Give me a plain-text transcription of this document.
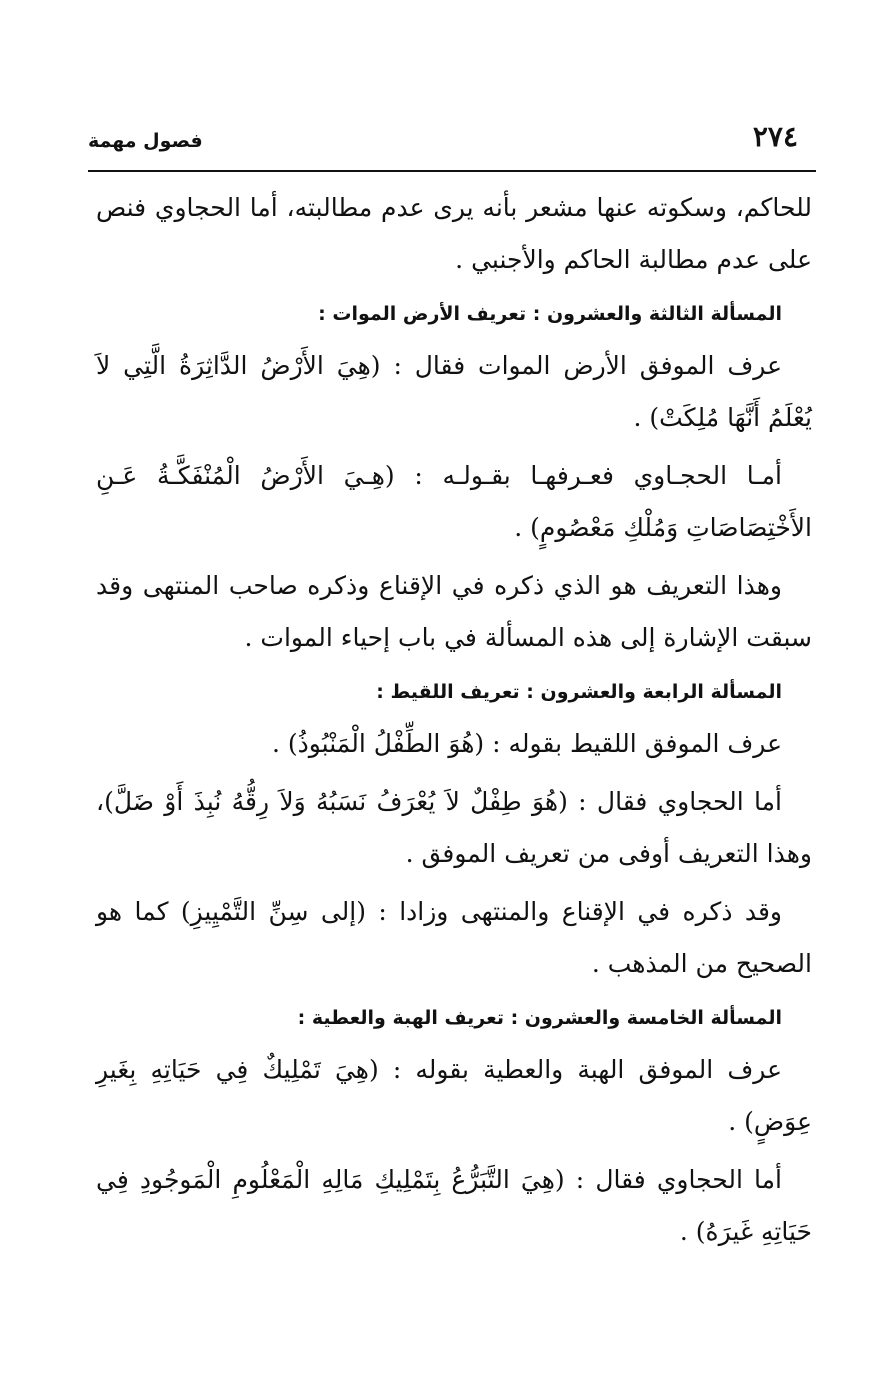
٢٧٤
فصول مهمة

للحاكم، وسكوته عنها مشعر بأنه يرى عدم مطالبته، أما الحجاوي فنص على عدم مطالبة الحاكم والأجنبي .

المسألة الثالثة والعشرون : تعريف الأرض الموات :

عرف الموفق الأرض الموات فقال : (هِيَ الأَرْضُ الدَّاثِرَةُ الَّتِي لاَ يُعْلَمُ أَنَّهَا مُلِكَتْ) .

أمـا الحجـاوي فعـرفهـا بقـولـه : (هِـيَ الأَرْضُ الْمُنْفَكَّـةُ عَـنِ الأَخْتِصَاصَاتِ وَمُلْكِ مَعْصُومٍ) .

وهذا التعريف هو الذي ذكره في الإقناع وذكره صاحب المنتهى وقد سبقت الإشارة إلى هذه المسألة في باب إحياء الموات .

المسألة الرابعة والعشرون : تعريف اللقيط :

عرف الموفق اللقيط بقوله : (هُوَ الطِّفْلُ الْمَنْبُوذُ) .

أما الحجاوي فقال : (هُوَ طِفْلٌ لاَ يُعْرَفُ نَسَبُهُ وَلاَ رِقُّهُ نُبِذَ أَوْ ضَلَّ)، وهذا التعريف أوفى من تعريف الموفق .

وقد ذكره في الإقناع والمنتهى وزادا : (إلى سِنِّ التَّمْيِيزِ) كما هو الصحيح من المذهب .

المسألة الخامسة والعشرون : تعريف الهبة والعطية :

عرف الموفق الهبة والعطية بقوله : (هِيَ تَمْلِيكٌ فِي حَيَاتِهِ بِغَيرِ عِوَضٍ) .

أما الحجاوي فقال : (هِيَ التَّبَرُّعُ بِتَمْلِيكِ مَالِهِ الْمَعْلُومِ الْمَوجُودِ فِي حَيَاتِهِ غَيرَهُ) .
